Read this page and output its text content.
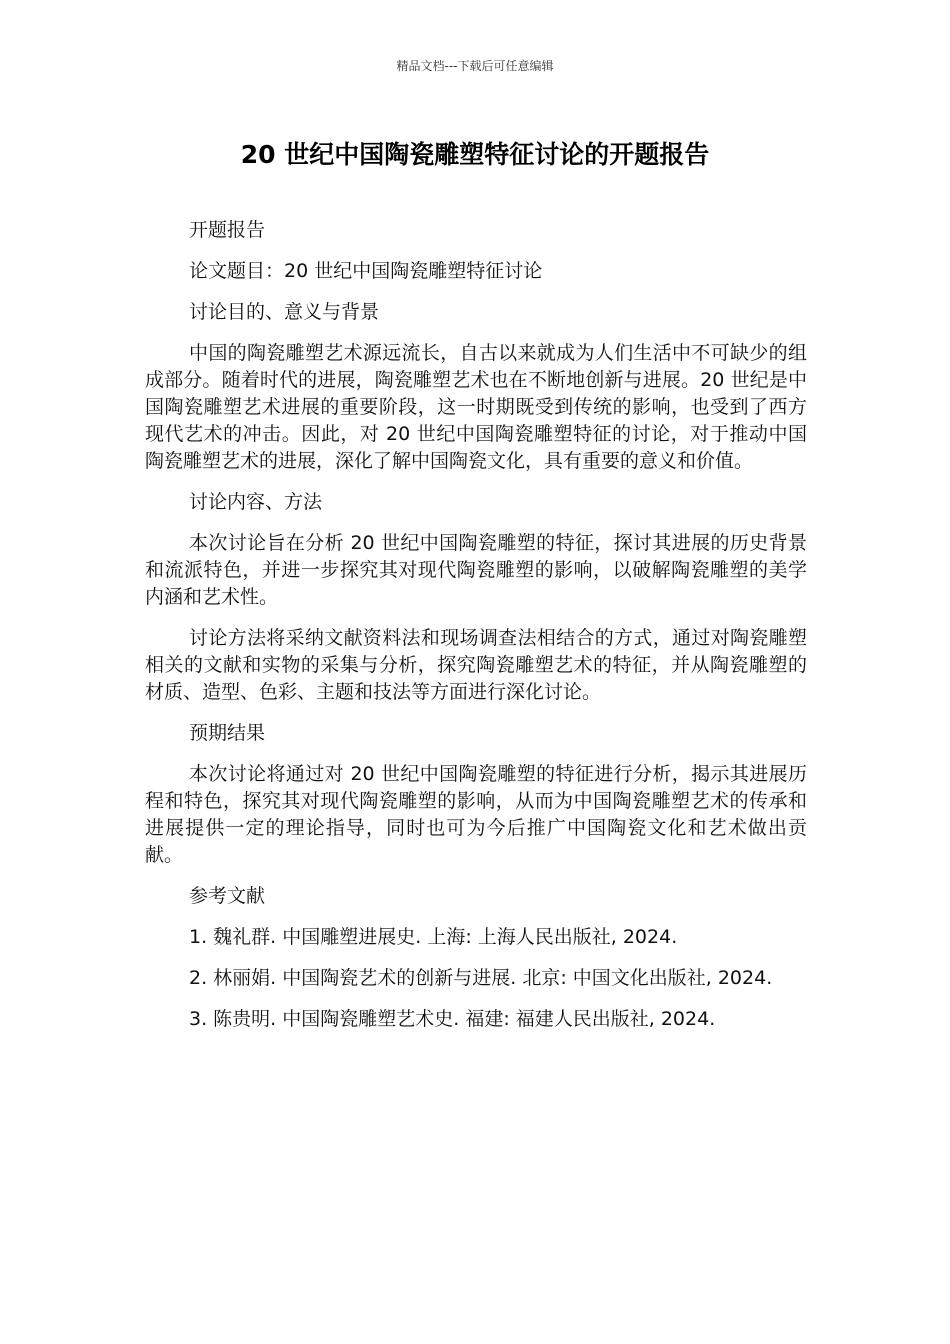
精品文档---下载后可任意编辑
20 世纪中国陶瓷雕塑特征讨论的开题报告

开题报告

论文题目：20 世纪中国陶瓷雕塑特征讨论

讨论目的、意义与背景

中国的陶瓷雕塑艺术源远流长，自古以来就成为人们生活中不可缺少的组成部分。随着时代的进展，陶瓷雕塑艺术也在不断地创新与进展。20 世纪是中国陶瓷雕塑艺术进展的重要阶段，这一时期既受到传统的影响，也受到了西方现代艺术的冲击。因此，对 20 世纪中国陶瓷雕塑特征的讨论，对于推动中国陶瓷雕塑艺术的进展，深化了解中国陶瓷文化，具有重要的意义和价值。

讨论内容、方法

本次讨论旨在分析 20 世纪中国陶瓷雕塑的特征，探讨其进展的历史背景和流派特色，并进一步探究其对现代陶瓷雕塑的影响，以破解陶瓷雕塑的美学内涵和艺术性。

讨论方法将采纳文献资料法和现场调查法相结合的方式，通过对陶瓷雕塑相关的文献和实物的采集与分析，探究陶瓷雕塑艺术的特征，并从陶瓷雕塑的材质、造型、色彩、主题和技法等方面进行深化讨论。

预期结果

本次讨论将通过对 20 世纪中国陶瓷雕塑的特征进行分析，揭示其进展历程和特色，探究其对现代陶瓷雕塑的影响，从而为中国陶瓷雕塑艺术的传承和进展提供一定的理论指导，同时也可为今后推广中国陶瓷文化和艺术做出贡献。

参考文献

1. 魏礼群. 中国雕塑进展史. 上海: 上海人民出版社, 2024.

2. 林丽娟. 中国陶瓷艺术的创新与进展. 北京: 中国文化出版社, 2024.

3. 陈贵明. 中国陶瓷雕塑艺术史. 福建: 福建人民出版社, 2024.
